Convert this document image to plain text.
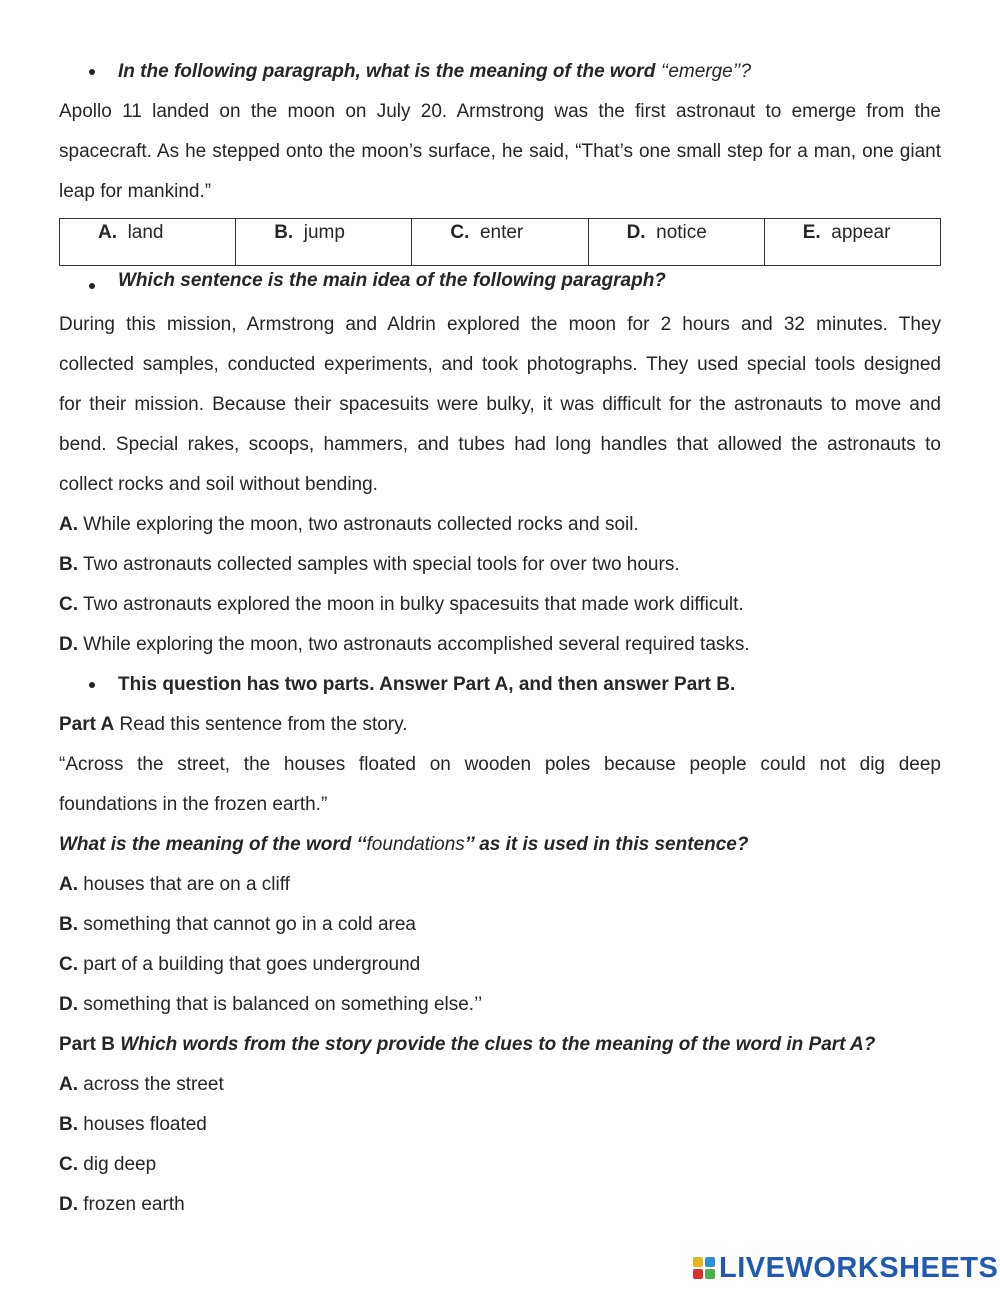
In the following paragraph, what is the meaning of the word ‘‘emerge’’?

Apollo 11 landed on the moon on July 20. Armstrong was the first astronaut to emerge from the

spacecraft. As he stepped onto the moon’s surface, he said, “That’s one small step for a man, one giant

leap for mankind.”

A. land	B. jump	C. enter	D. notice	E. appear
Which sentence is the main idea of the following paragraph?

During this mission, Armstrong and Aldrin explored the moon for 2 hours and 32 minutes. They

collected samples, conducted experiments, and took photographs. They used special tools designed

for their mission. Because their spacesuits were bulky, it was difficult for the astronauts to move and

bend. Special rakes, scoops, hammers, and tubes had long handles that allowed the astronauts to

collect rocks and soil without bending.

A. While exploring the moon, two astronauts collected rocks and soil.
B. Two astronauts collected samples with special tools for over two hours.
C. Two astronauts explored the moon in bulky spacesuits that made work difficult.
D. While exploring the moon, two astronauts accomplished several required tasks.
This question has two parts. Answer Part A, and then answer Part B.
Part A Read this sentence from the story.

“Across the street, the houses floated on wooden poles because people could not dig deep

foundations in the frozen earth.”

What is the meaning of the word ‘‘foundations’’ as it is used in this sentence?
A. houses that are on a cliff
B. something that cannot go in a cold area
C. part of a building that goes underground
D. something that is balanced on something else.’’
Part B Which words from the story provide the clues to the meaning of the word in Part A?
A. across the street
B. houses floated
C. dig deep
D. frozen earth
LIVEWORKSHEETS
